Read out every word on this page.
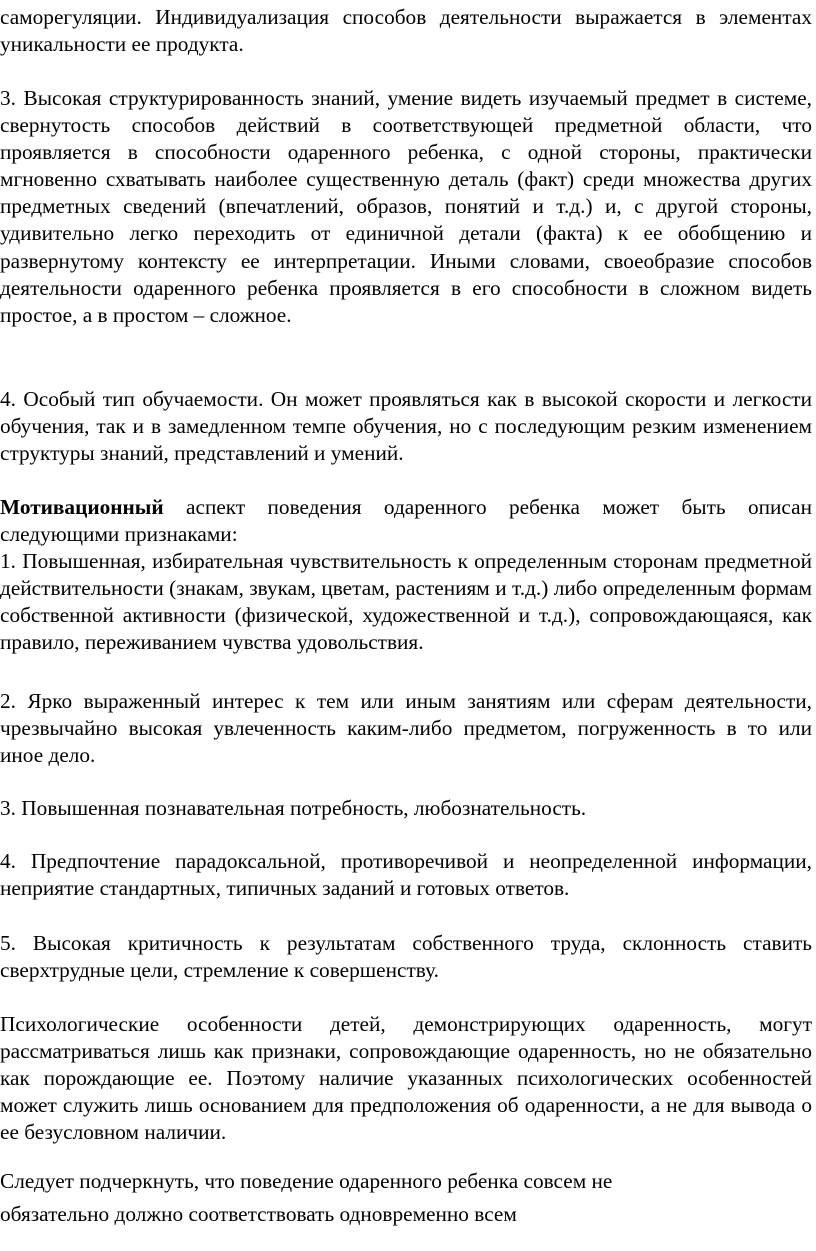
саморегуляции. Индивидуализация способов деятельности выражается в элементах уникальности ее продукта.

3. Высокая структурированность знаний, умение видеть изучаемый предмет в системе, свернутость способов действий в соответствующей предметной области, что проявляется в способности одаренного ребенка, с одной стороны, практически мгновенно схватывать наиболее существенную деталь (факт) среди множества других предметных сведений (впечатлений, образов, понятий и т.д.) и, с другой стороны, удивительно легко переходить от единичной детали (факта) к ее обобщению и развернутому контексту ее интерпретации. Иными словами, своеобразие способов деятельности одаренного ребенка проявляется в его способности в сложном видеть простое, а в простом – сложное.

4. Особый тип обучаемости. Он может проявляться как в высокой скорости и легкости обучения, так и в замедленном темпе обучения, но с последующим резким изменением структуры знаний, представлений и умений.

Мотивационный аспект поведения одаренного ребенка может быть описан следующими признаками:
1. Повышенная, избирательная чувствительность к определенным сторонам предметной действительности (знакам, звукам, цветам, растениям и т.д.) либо определенным формам собственной активности (физической, художественной и т.д.), сопровождающаяся, как правило, переживанием чувства удовольствия.

2. Ярко выраженный интерес к тем или иным занятиям или сферам деятельности, чрезвычайно высокая увлеченность каким-либо предметом, погруженность в то или иное дело.

3. Повышенная познавательная потребность, любознательность.

4. Предпочтение парадоксальной, противоречивой и неопределенной информации, неприятие стандартных, типичных заданий и готовых ответов.

5. Высокая критичность к результатам собственного труда, склонность ставить сверхтрудные цели, стремление к совершенству.

Психологические особенности детей, демонстрирующих одаренность, могут рассматриваться лишь как признаки, сопровождающие одаренность, но не обязательно как порождающие ее. Поэтому наличие указанных психологических особенностей может служить лишь основанием для предположения об одаренности, а не для вывода о ее безусловном наличии.

Следует подчеркнуть, что поведение одаренного ребенка совсем не
обязательно должно соответствовать одновременно всем
